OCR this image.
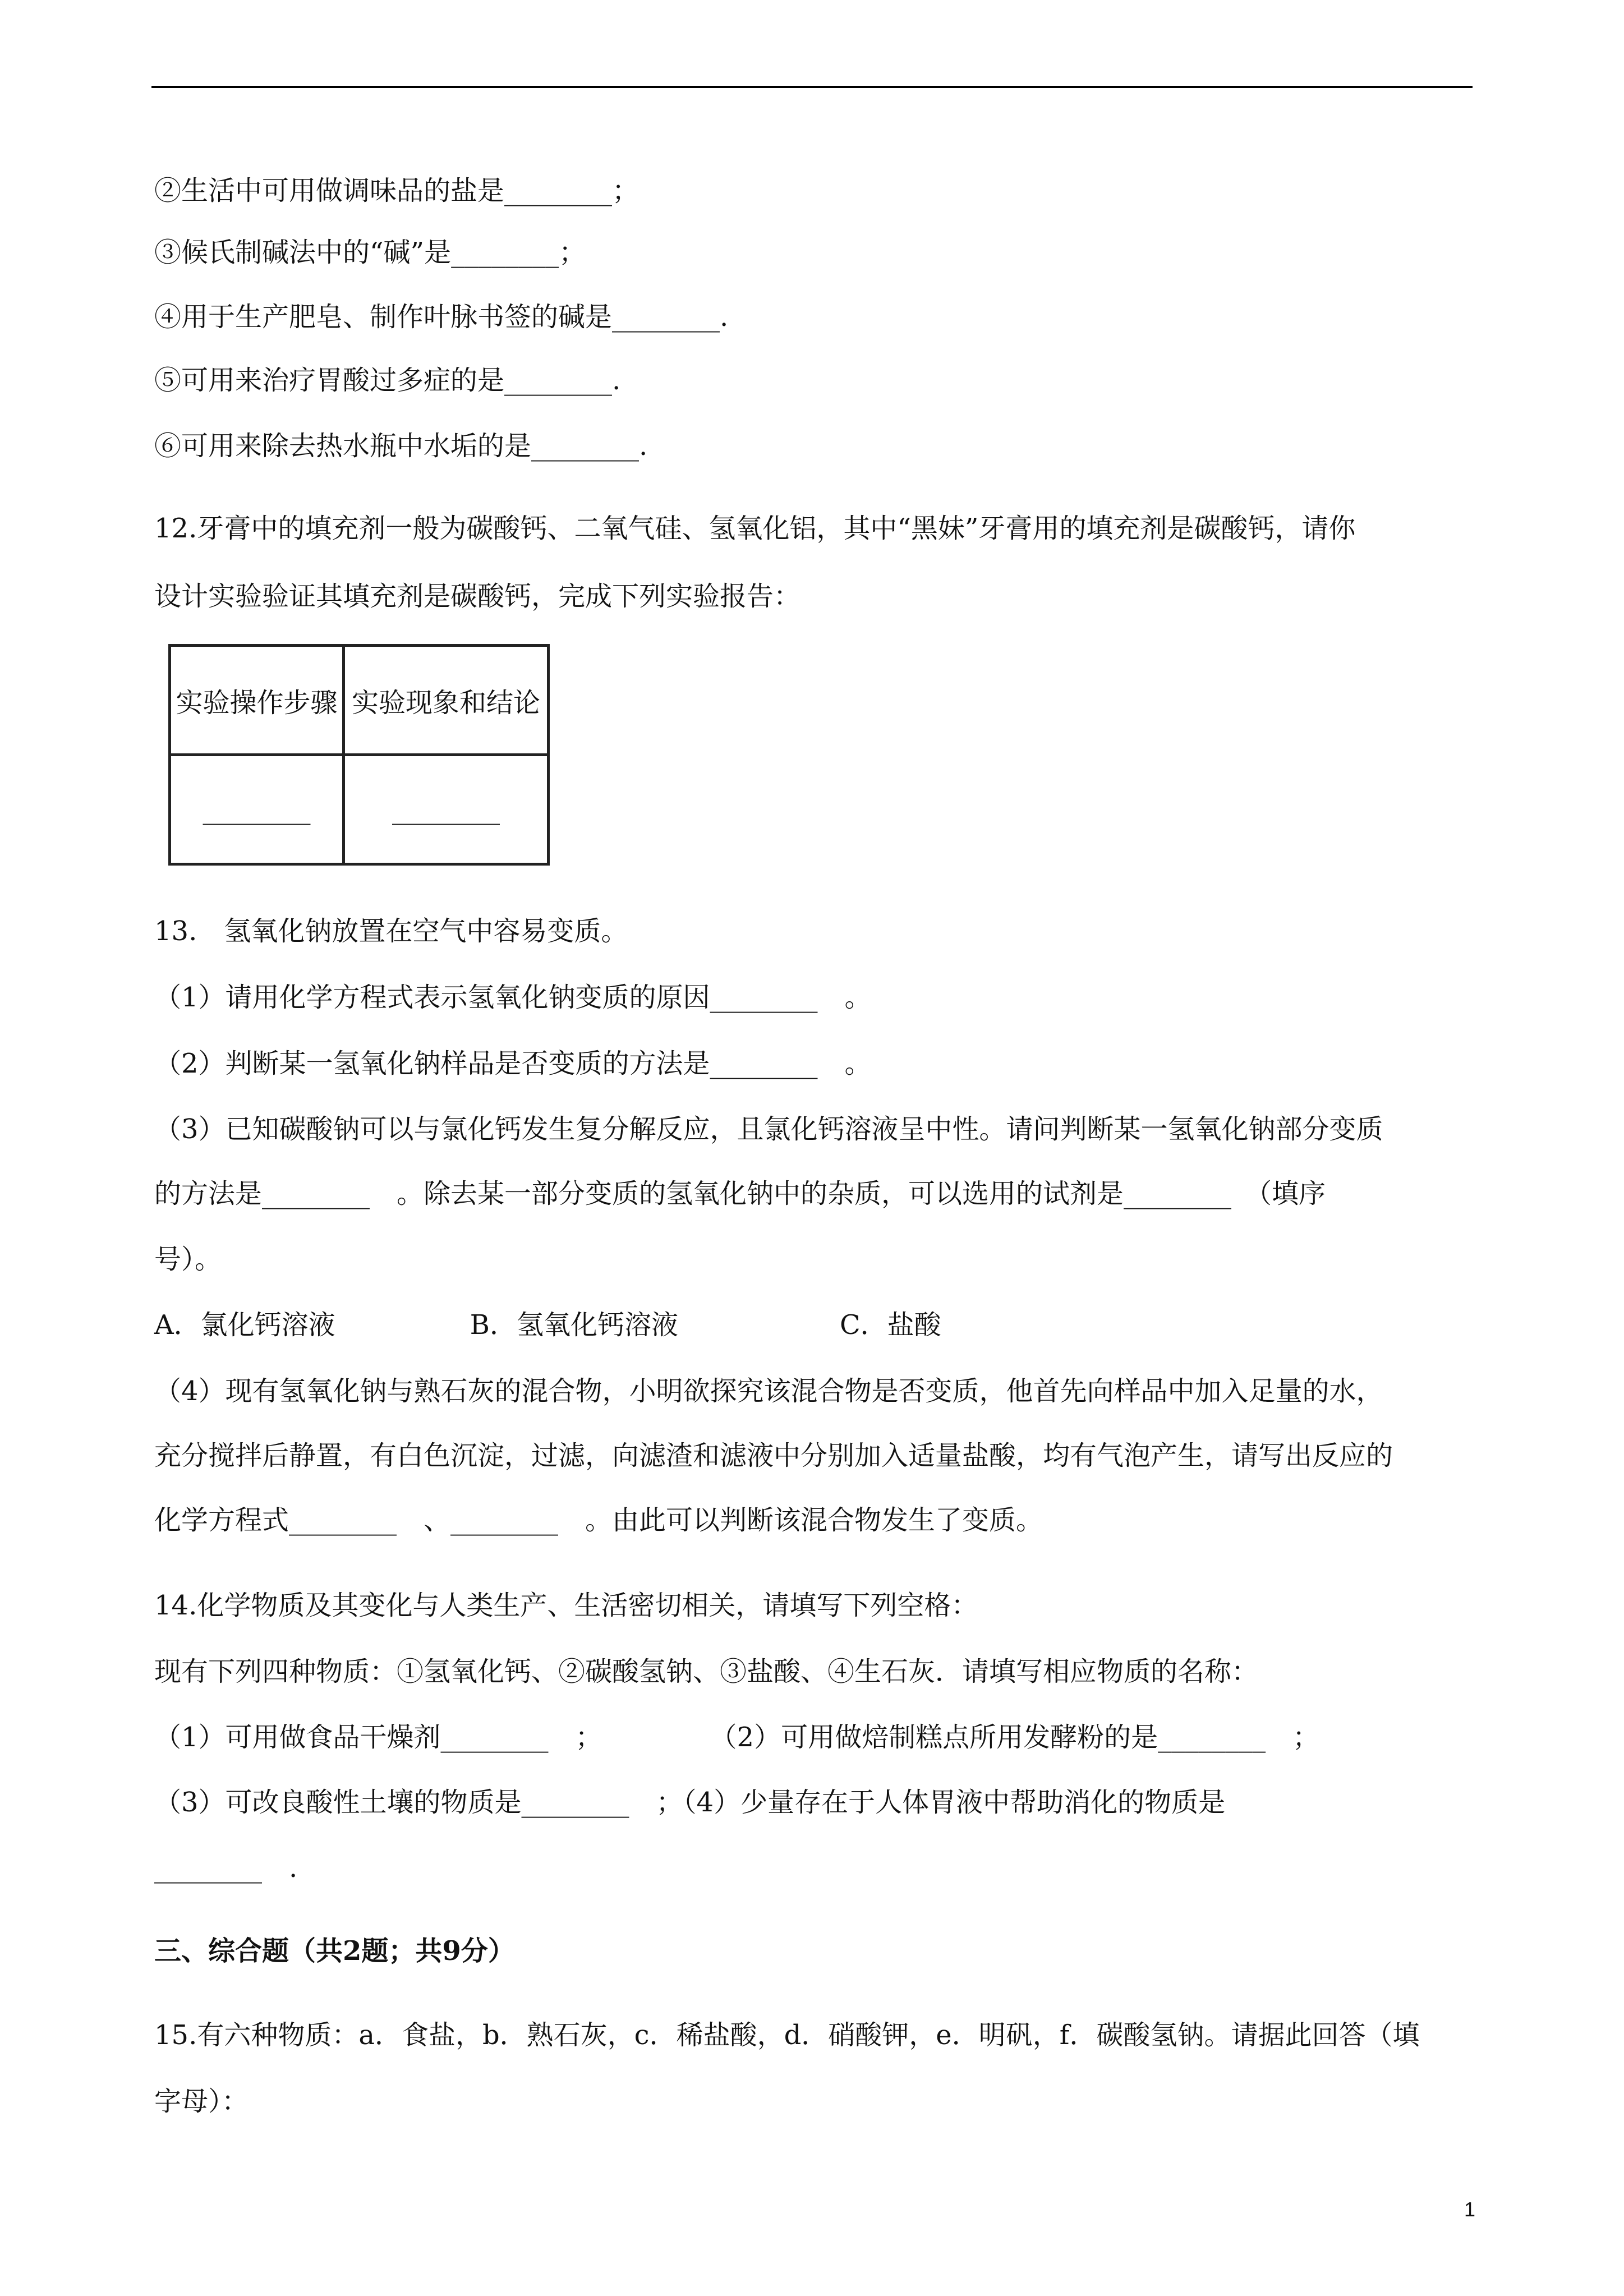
②生活中可用做调味品的盐是________；
③候氏制碱法中的“碱”是________；
④用于生产肥皂、制作叶脉书签的碱是________.
⑤可用来治疗胃酸过多症的是________.
⑥可用来除去热水瓶中水垢的是________.
12.牙膏中的填充剂一般为碳酸钙、二氧气硅、氢氧化铝，其中“黑妹”牙膏用的填充剂是碳酸钙，请你
设计实验验证其填充剂是碳酸钙，完成下列实验报告：
实验操作步骤	实验现象和结论
________	________
13.　氢氧化钠放置在空气中容易变质。
（1）请用化学方程式表示氢氧化钠变质的原因________　。
（2）判断某一氢氧化钠样品是否变质的方法是________　。
（3）已知碳酸钠可以与氯化钙发生复分解反应，且氯化钙溶液呈中性。请问判断某一氢氧化钠部分变质
的方法是________　。除去某一部分变质的氢氧化钠中的杂质，可以选用的试剂是________　（填序
号）。
A．氯化钙溶液　　　　　B．氢氧化钙溶液　　　　　　C．盐酸
（4）现有氢氧化钠与熟石灰的混合物，小明欲探究该混合物是否变质，他首先向样品中加入足量的水，
充分搅拌后静置，有白色沉淀，过滤，向滤渣和滤液中分别加入适量盐酸，均有气泡产生，请写出反应的
化学方程式________　、________　。由此可以判断该混合物发生了变质。
14.化学物质及其变化与人类生产、生活密切相关，请填写下列空格：
现有下列四种物质：①氢氧化钙、②碳酸氢钠、③盐酸、④生石灰．请填写相应物质的名称：
（1）可用做食品干燥剂________　；　　　　　（2）可用做焙制糕点所用发酵粉的是________　；
（3）可改良酸性土壤的物质是________　；（4）少量存在于人体胃液中帮助消化的物质是
________　.
三、综合题（共2题；共9分）
15.有六种物质：a．食盐，b．熟石灰，c．稀盐酸，d．硝酸钾，e．明矾，f．碳酸氢钠。请据此回答（填
字母）：
1
